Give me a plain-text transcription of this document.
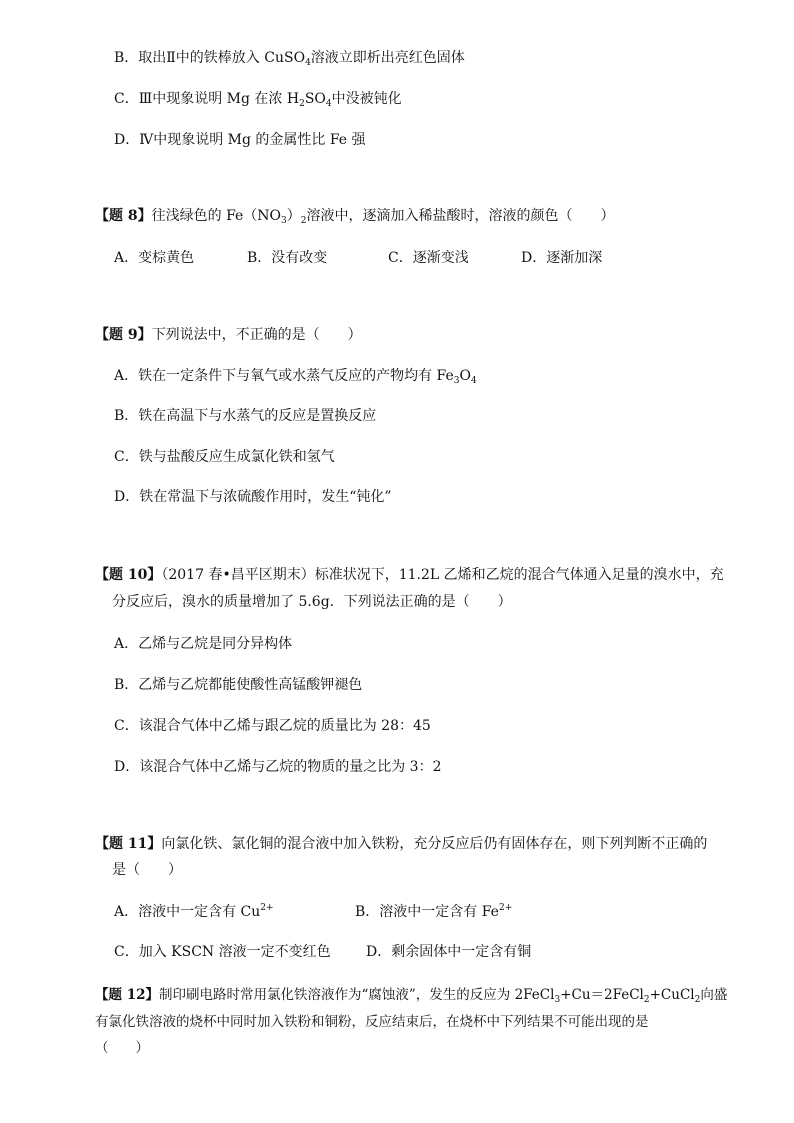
B．取出Ⅱ中的铁棒放入 CuSO$_4$溶液立即析出亮红色固体
C．Ⅲ中现象说明 Mg 在浓 $H_2SO_4$中没被钝化
D．Ⅳ中现象说明 Mg 的金属性比 Fe 强
【题 8】往浅绿色的 $Fe(NO_3)_2$溶液中，逐滴加入稀盐酸时，溶液的颜色（　　）
A．变棕黄色	B．没有改变	C．逐渐变浅	D．逐渐加深
【题 9】下列说法中，不正确的是（　　）
A．铁在一定条件下与氧气或水蒸气反应的产物均有 $Fe_3O_4$
B．铁在高温下与水蒸气的反应是置换反应
C．铁与盐酸反应生成氯化铁和氢气
D．铁在常温下与浓硫酸作用时，发生“钝化”
【题 10】（2017 春•昌平区期末）标准状况下，11.2L 乙烯和乙烷的混合气体通入足量的溴水中，充
分反应后，溴水的质量增加了 5.6g．下列说法正确的是（　　）
A．乙烯与乙烷是同分异构体
B．乙烯与乙烷都能使酸性高锰酸钾褪色
C．该混合气体中乙烯与跟乙烷的质量比为 28：45
D．该混合气体中乙烯与乙烷的物质的量之比为 3：2
【题 11】向氯化铁、氯化铜的混合液中加入铁粉，充分反应后仍有固体存在，则下列判断不正确的
是（　　）
A．溶液中一定含有 $Cu^{2+}$	B．溶液中一定含有 $Fe^{2+}$
C．加入 KSCN 溶液一定不变红色	D．剩余固体中一定含有铜
【题 12】制印刷电路时常用氯化铁溶液作为“腐蚀液”，发生的反应为 2FeCl$_3$+Cu＝2FeCl$_2$+CuCl$_2$向盛
有氯化铁溶液的烧杯中同时加入铁粉和铜粉，反应结束后，在烧杯中下列结果不可能出现的是
（　　）
